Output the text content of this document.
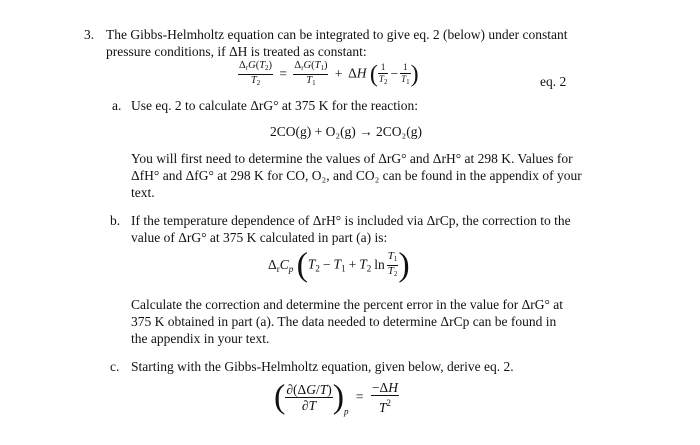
3. The Gibbs-Helmholtz equation can be integrated to give eq. 2 (below) under constant
pressure conditions, if ΔH is treated as constant:
$\frac{\text{ΔrG(T2)}}{T2} = \frac{\text{ΔrG(T1)}}{T1} + \Delta H$ ( $\frac{1}{T_2} - \frac{1}{T_1}$ )	eq. 2
a. Use eq. 2 to calculate ΔrG° at 375 K for the reaction:
2CO(g) + O₂(g) → 2CO₂(g)
You will first need to determine the values of ΔrG° and ΔrH° at 298 K. Values for
ΔfH° and ΔfG° at 298 K for CO, O₂, and CO₂ can be found in the appendix of your
text.
b. If the temperature dependence of ΔrH° is included via ΔrCp, the correction to the
value of ΔrG° at 375 K calculated in part (a) is:
$\Delta_rC_p$ ($T_2 - T_1 + T_2$ $\ln \frac{T1}{T2}$ )
Calculate the correction and determine the percent error in the value for ΔrG° at
375 K obtained in part (a). The data needed to determine ΔrCp can be found in
the appendix in your text.
c. Starting with the Gibbs-Helmholtz equation, given below, derive eq. 2.
( $\frac{\partial(\Delta G/T)}{\partial T} )_p = \frac{-\Delta H}{T^2}$
